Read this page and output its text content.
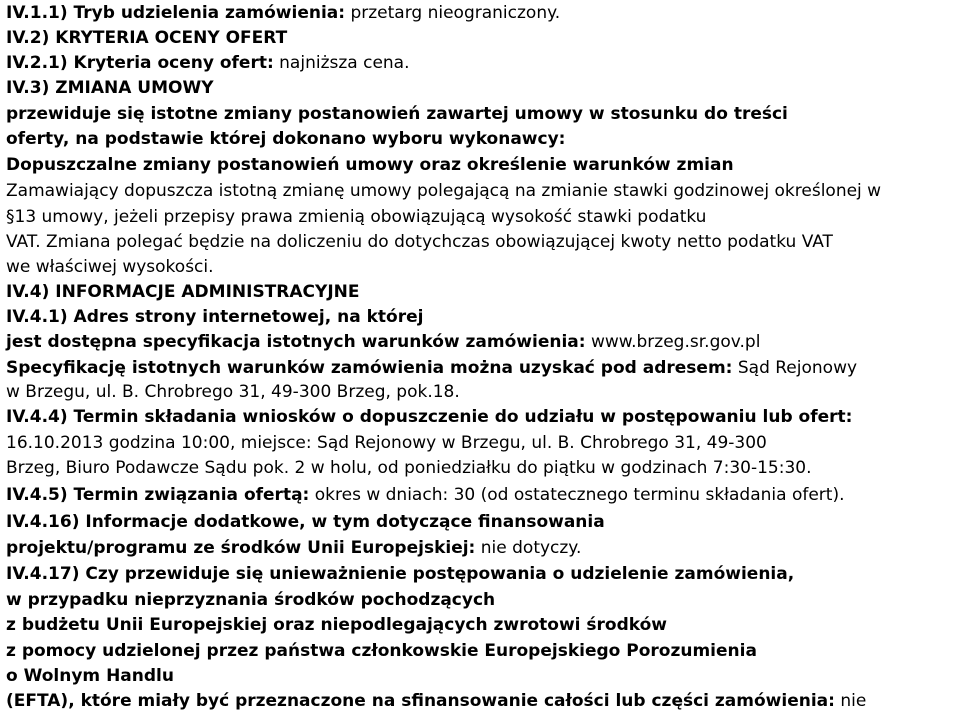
IV.1.1) Tryb udzielenia zamówienia: przetarg nieograniczony.
IV.2) KRYTERIA OCENY OFERT
IV.2.1) Kryteria oceny ofert: najniższa cena.
IV.3) ZMIANA UMOWY
przewiduje się istotne zmiany postanowień zawartej umowy w stosunku do treści
oferty, na podstawie której dokonano wyboru wykonawcy:
Dopuszczalne zmiany postanowień umowy oraz określenie warunków zmian
Zamawiający dopuszcza istotną zmianę umowy polegającą na zmianie stawki godzinowej określonej w
§13 umowy, jeżeli przepisy prawa zmienią obowiązującą wysokość stawki podatku
VAT. Zmiana polegać będzie na doliczeniu do dotychczas obowiązującej kwoty netto podatku VAT
we właściwej wysokości.
IV.4) INFORMACJE ADMINISTRACYJNE
IV.4.1) Adres strony internetowej, na której
jest dostępna specyfikacja istotnych warunków zamówienia: www.brzeg.sr.gov.pl
Specyfikację istotnych warunków zamówienia można uzyskać pod adresem: Sąd Rejonowy
w Brzegu, ul. B. Chrobrego 31, 49-300 Brzeg, pok.18.
IV.4.4) Termin składania wniosków o dopuszczenie do udziału w postępowaniu lub ofert:
16.10.2013 godzina 10:00, miejsce: Sąd Rejonowy w Brzegu, ul. B. Chrobrego 31, 49-300
Brzeg, Biuro Podawcze Sądu pok. 2 w holu, od poniedziałku do piątku w godzinach 7:30-15:30.
IV.4.5) Termin związania ofertą: okres w dniach: 30 (od ostatecznego terminu składania ofert).
IV.4.16) Informacje dodatkowe, w tym dotyczące finansowania
projektu/programu ze środków Unii Europejskiej: nie dotyczy.
IV.4.17) Czy przewiduje się unieważnienie postępowania o udzielenie zamówienia,
w przypadku nieprzyznania środków pochodzących
z budżetu Unii Europejskiej oraz niepodlegających zwrotowi środków
z pomocy udzielonej przez państwa członkowskie Europejskiego Porozumienia
o Wolnym Handlu
(EFTA), które miały być przeznaczone na sfinansowanie całości lub części zamówienia: nie
